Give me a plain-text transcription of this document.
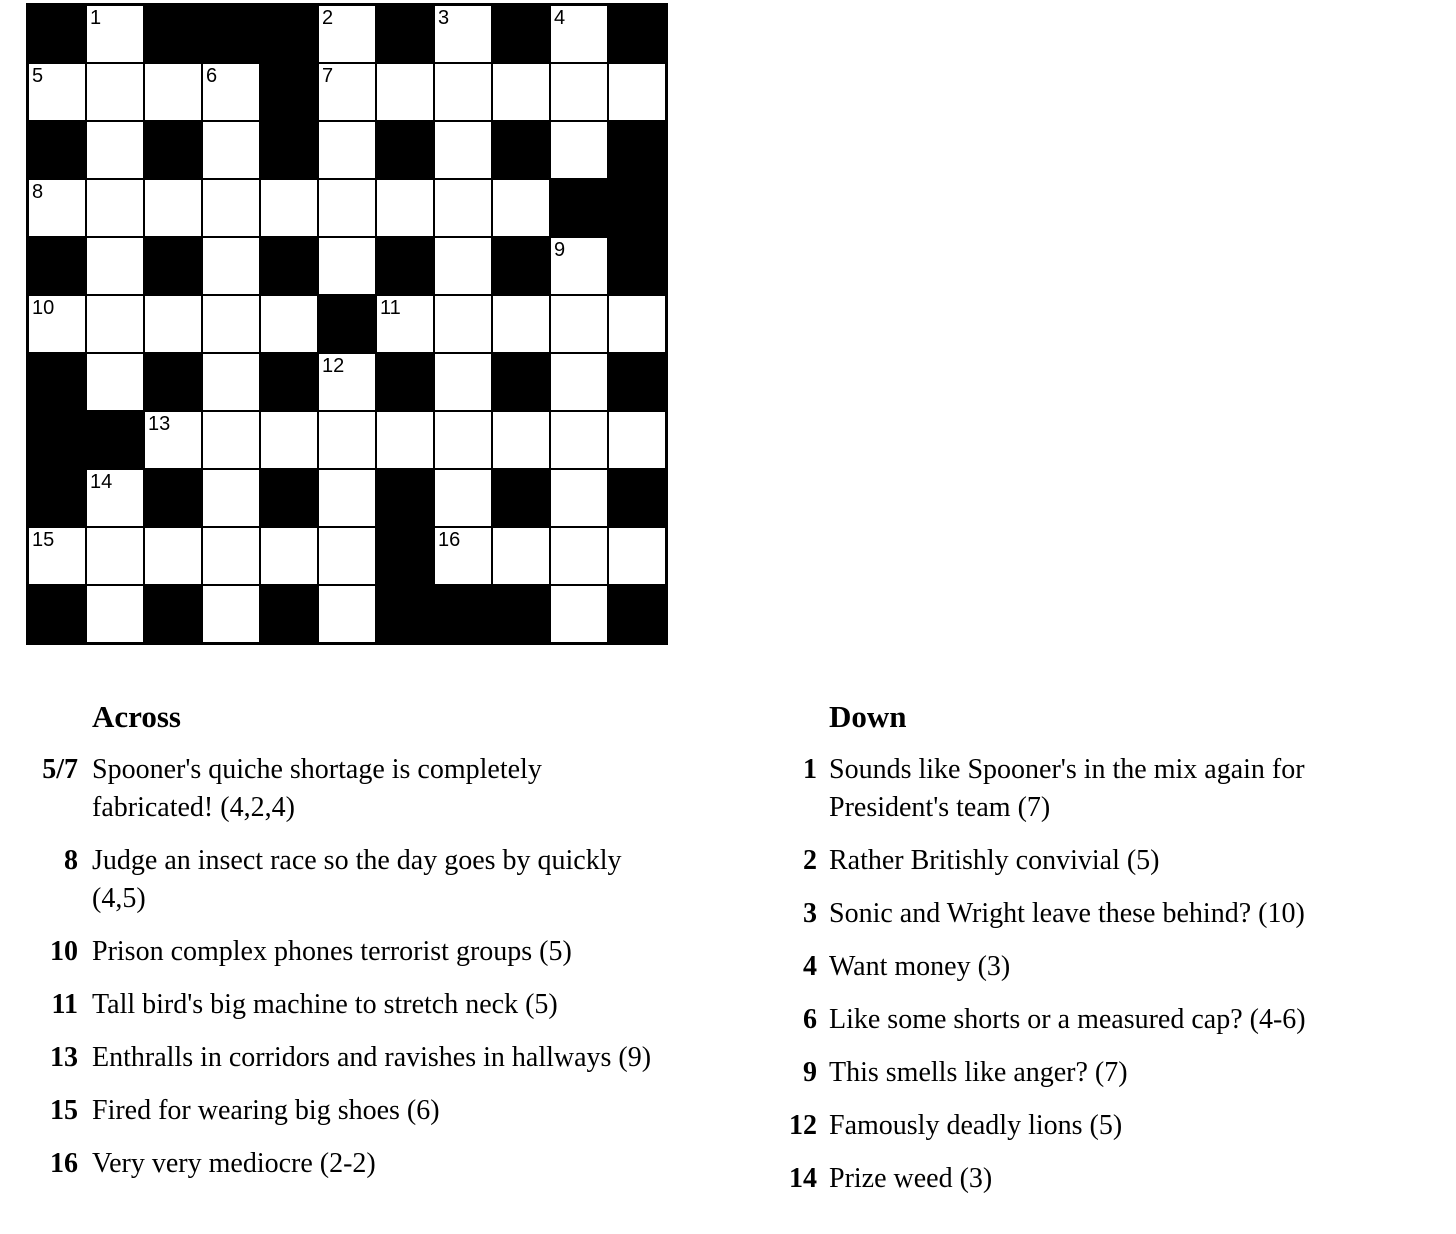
1	2	3	4
5	6	7
8
9
10	11
12
13
14
15	16
Across
5/7 Spooner's quiche shortage is completely fabricated! (4,2,4)
8 Judge an insect race so the day goes by quickly (4,5)
10 Prison complex phones terrorist groups (5)
11 Tall bird's big machine to stretch neck (5)
13 Enthralls in corridors and ravishes in hallways (9)
15 Fired for wearing big shoes (6)
16 Very very mediocre (2-2)
Down
1 Sounds like Spooner's in the mix again for President's team (7)
2 Rather Britishly convivial (5)
3 Sonic and Wright leave these behind? (10)
4 Want money (3)
6 Like some shorts or a measured cap? (4-6)
9 This smells like anger? (7)
12 Famously deadly lions (5)
14 Prize weed (3)
